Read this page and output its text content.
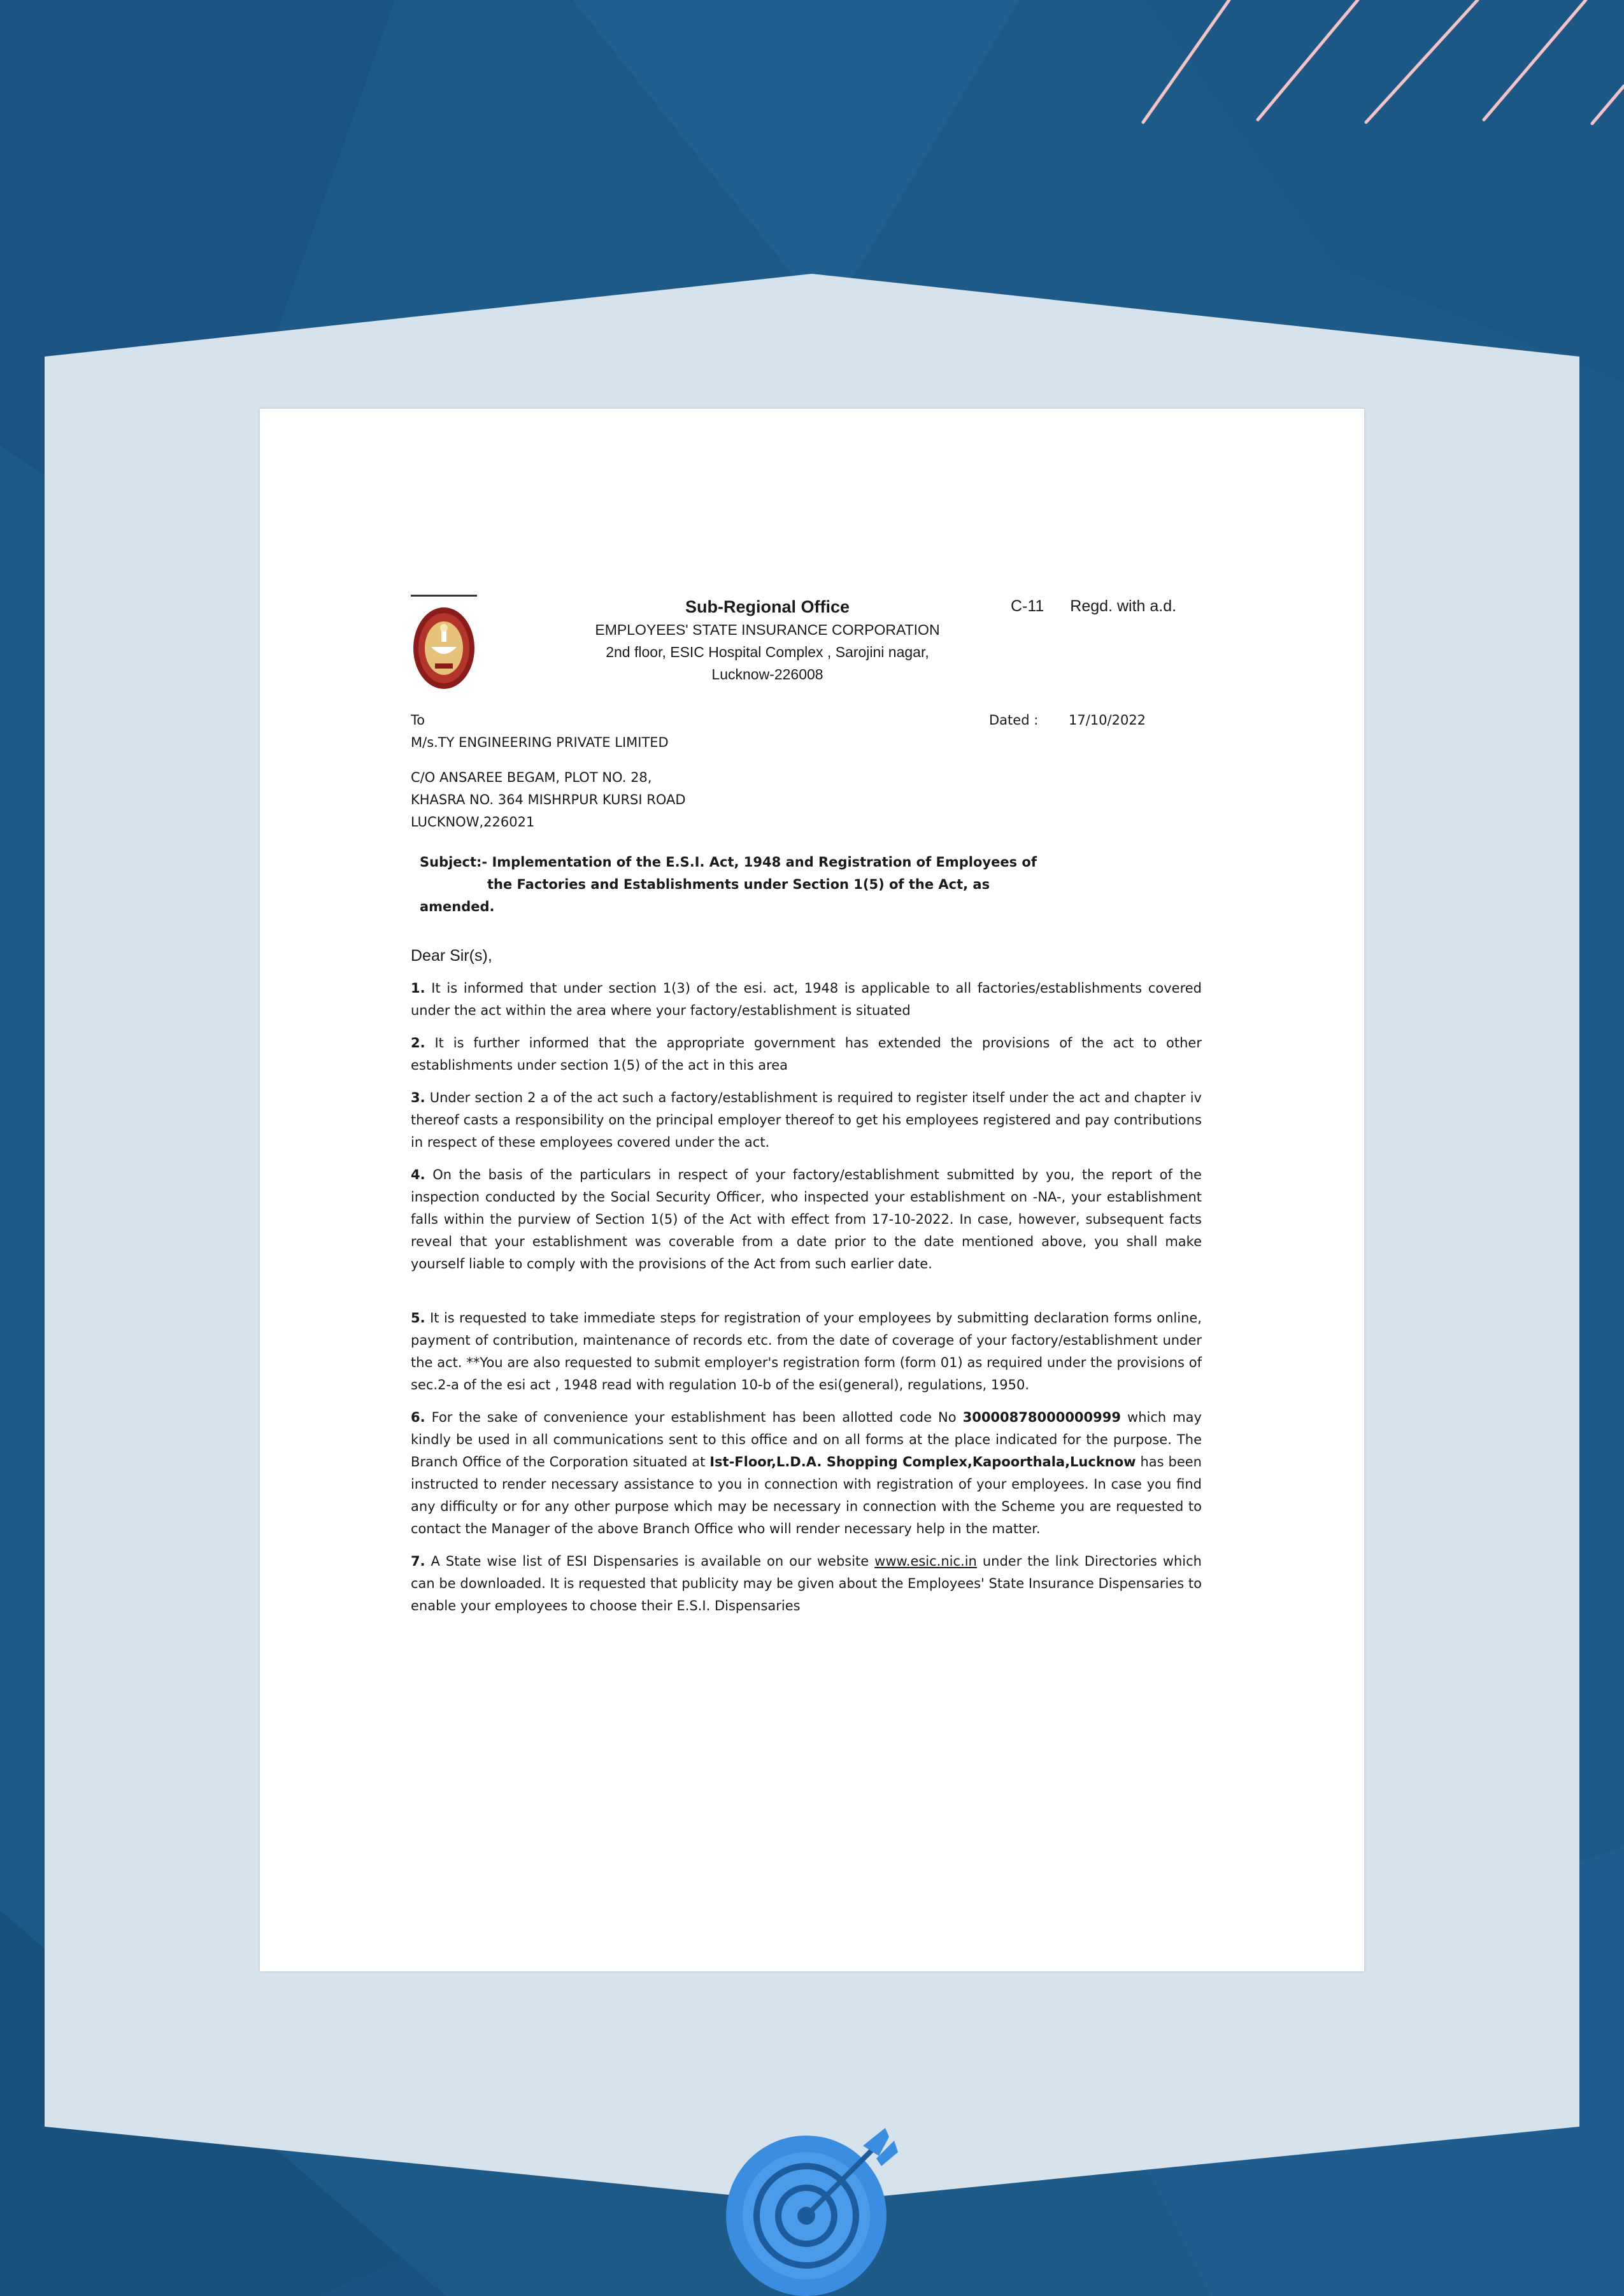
Sub-Regional Office
EMPLOYEES' STATE INSURANCE CORPORATION
2nd floor, ESIC Hospital Complex , Sarojini nagar,
Lucknow-226008
C-11 Regd. with a.d.
To
M/s.TY ENGINEERING PRIVATE LIMITED
C/O ANSAREE BEGAM, PLOT NO. 28,
KHASRA NO. 364 MISHRPUR KURSI ROAD
LUCKNOW,226021
Dated : 17/10/2022
Subject:- Implementation of the E.S.I. Act, 1948 and Registration of Employees of
the Factories and Establishments under Section 1(5) of the Act, as
amended.
Dear Sir(s),
1. It is informed that under section 1(3) of the esi. act, 1948 is applicable to all factories/establishments covered under the act within the area where your factory/establishment is situated
2. It is further informed that the appropriate government has extended the provisions of the act to other establishments under section 1(5) of the act in this area
3. Under section 2 a of the act such a factory/establishment is required to register itself under the act and chapter iv thereof casts a responsibility on the principal employer thereof to get his employees registered and pay contributions in respect of these employees covered under the act.
4. On the basis of the particulars in respect of your factory/establishment submitted by you, the report of the inspection conducted by the Social Security Officer, who inspected your establishment on -NA-, your establishment falls within the purview of Section 1(5) of the Act with effect from 17-10-2022. In case, however, subsequent facts reveal that your establishment was coverable from a date prior to the date mentioned above, you shall make yourself liable to comply with the provisions of the Act from such earlier date.
5. It is requested to take immediate steps for registration of your employees by submitting declaration forms online, payment of contribution, maintenance of records etc. from the date of coverage of your factory/establishment under the act. **You are also requested to submit employer's registration form (form 01) as required under the provisions of sec.2-a of the esi act , 1948 read with regulation 10-b of the esi(general), regulations, 1950.
6. For the sake of convenience your establishment has been allotted code No 30000878000000999 which may kindly be used in all communications sent to this office and on all forms at the place indicated for the purpose. The Branch Office of the Corporation situated at Ist-Floor,L.D.A. Shopping Complex,Kapoorthala,Lucknow has been instructed to render necessary assistance to you in connection with registration of your employees. In case you find any difficulty or for any other purpose which may be necessary in connection with the Scheme you are requested to contact the Manager of the above Branch Office who will render necessary help in the matter.
7. A State wise list of ESI Dispensaries is available on our website www.esic.nic.in under the link Directories which can be downloaded. It is requested that publicity may be given about the Employees' State Insurance Dispensaries to enable your employees to choose their E.S.I. Dispensaries
